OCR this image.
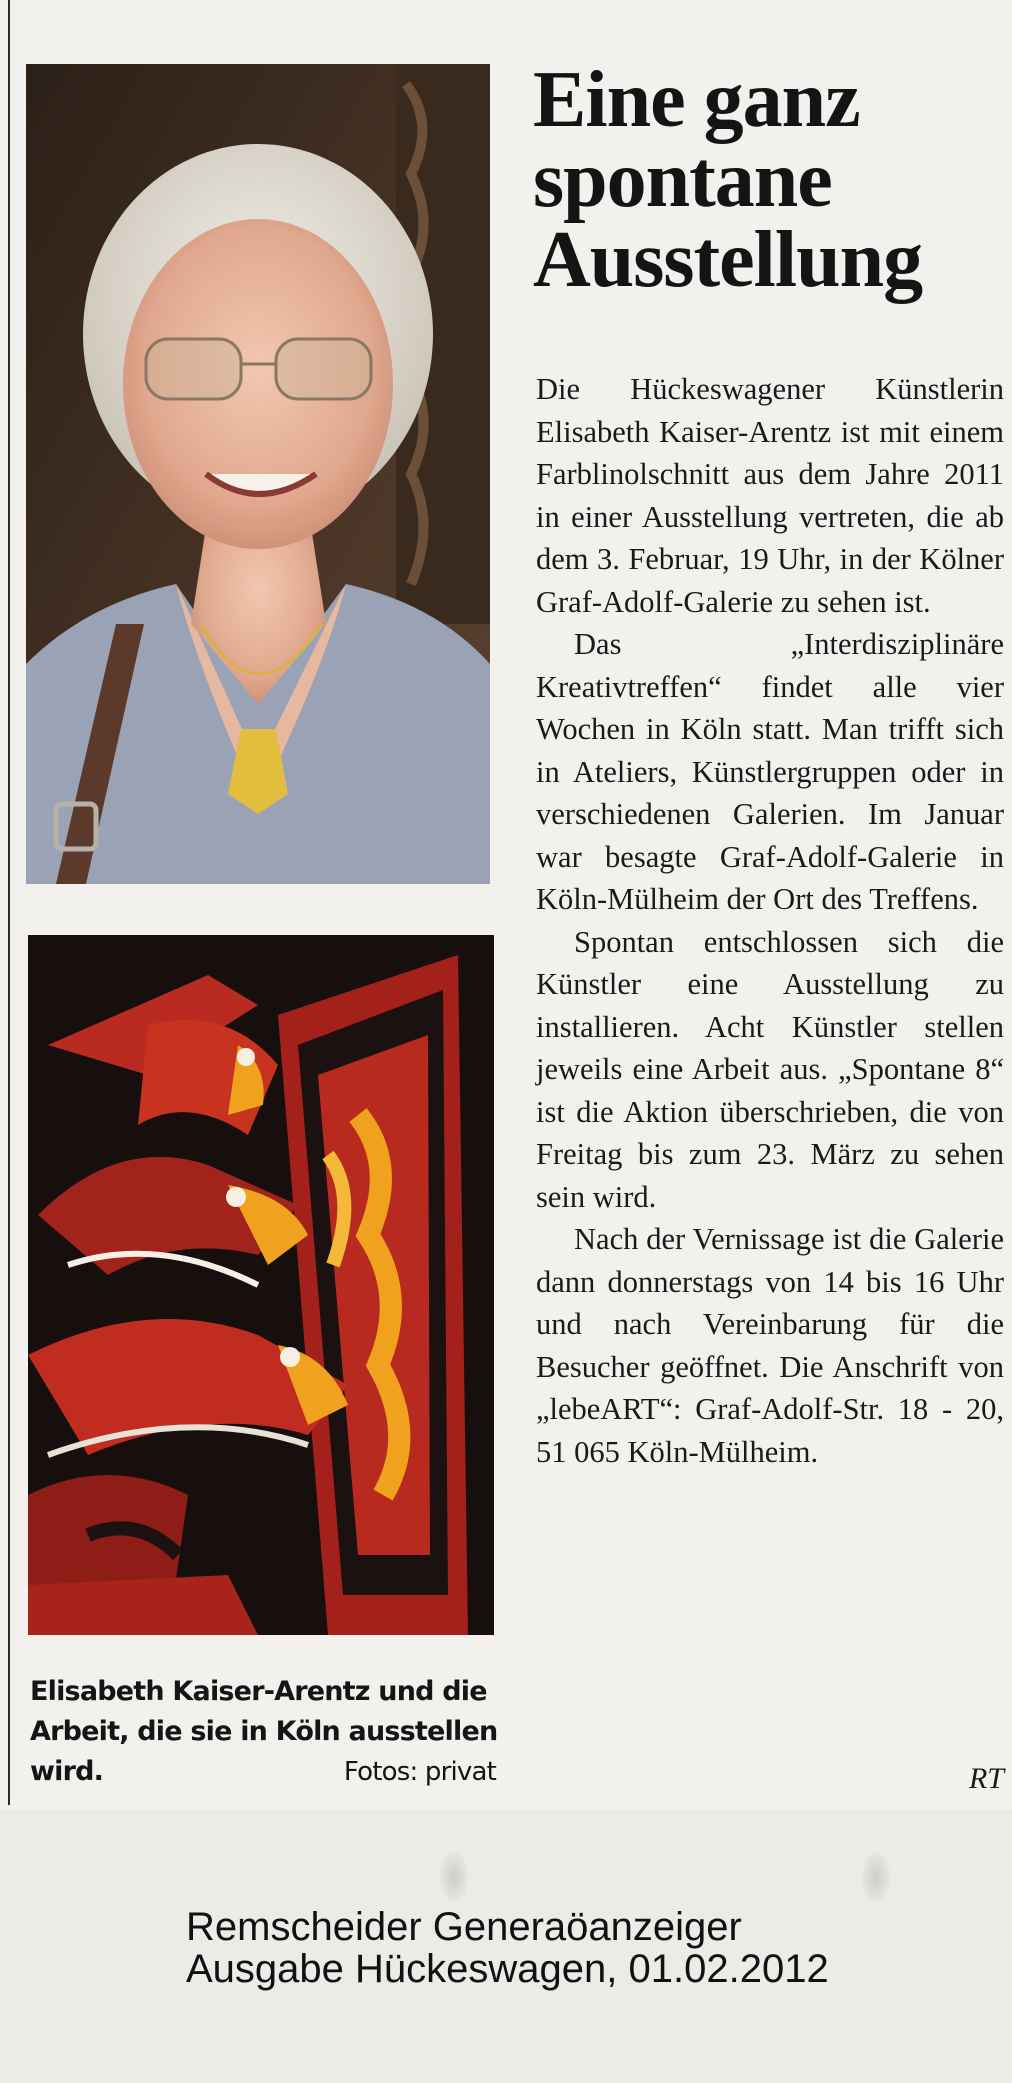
Elisabeth Kaiser-Arentz und die Arbeit, die sie in Köln ausstellen wird.	Fotos: privat
Eine ganz
spontane
Ausstellung

Die Hückeswagener Künstlerin Elisabeth Kaiser-Arentz ist mit einem Farblinolschnitt aus dem Jahre 2011 in einer Ausstellung vertreten, die ab dem 3. Februar, 19 Uhr, in der Kölner Graf-Adolf-Galerie zu sehen ist.

Das „Interdisziplinäre Kreativtreffen“ findet alle vier Wochen in Köln statt. Man trifft sich in Ateliers, Künstlergruppen oder in verschiedenen Galerien. Im Januar war besagte Graf-Adolf-Galerie in Köln-Mülheim der Ort des Treffens.

Spontan entschlossen sich die Künstler eine Ausstellung zu installieren. Acht Künstler stellen jeweils eine Arbeit aus. „Spontane 8“ ist die Aktion überschrieben, die von Freitag bis zum 23. März zu sehen sein wird.

Nach der Vernissage ist die Galerie dann donnerstags von 14 bis 16 Uhr und nach Vereinbarung für die Besucher geöffnet. Die Anschrift von „lebeART“: Graf-Adolf-Str. 18 - 20, 51 065 Köln-Mülheim.

RT
Remscheider Generaöanzeiger
Ausgabe Hückeswagen, 01.02.2012
